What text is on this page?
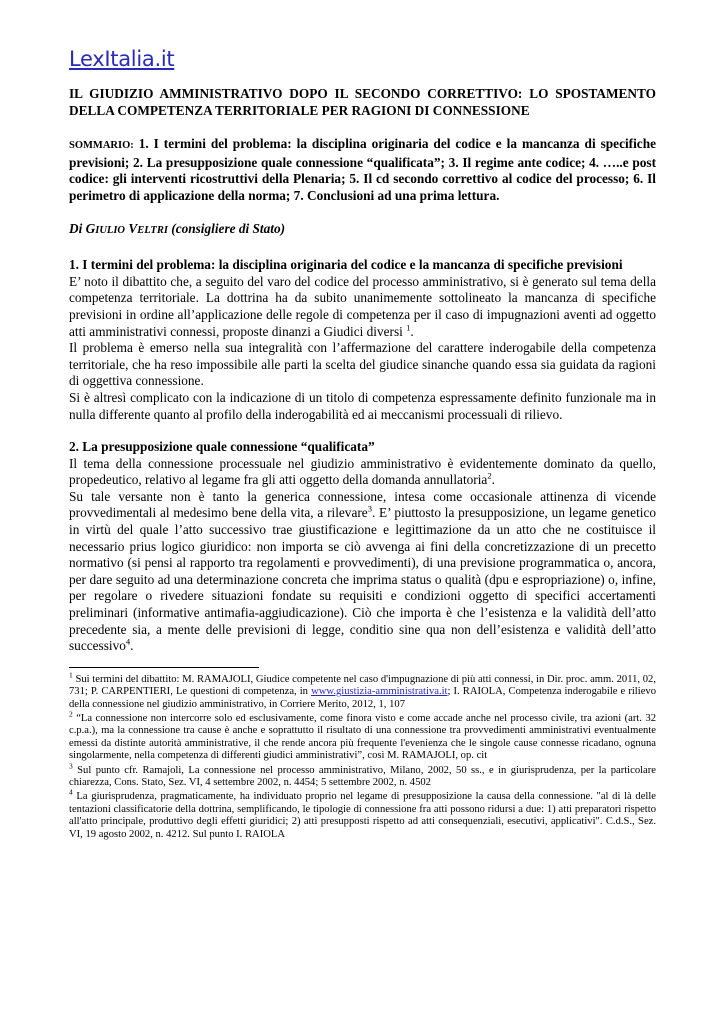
LexItalia.it
IL GIUDIZIO AMMINISTRATIVO DOPO IL SECONDO CORRETTIVO: LO SPOSTAMENTO DELLA COMPETENZA TERRITORIALE PER RAGIONI DI CONNESSIONE
SOMMARIO: 1. I termini del problema: la disciplina originaria del codice e la mancanza di specifiche previsioni; 2. La presupposizione quale connessione “qualificata”; 3. Il regime ante codice; 4. …..e post codice: gli interventi ricostruttivi della Plenaria; 5. Il cd secondo correttivo al codice del processo; 6. Il perimetro di applicazione della norma; 7. Conclusioni ad una prima lettura.
Di GIULIO VELTRI (consigliere di Stato)
1. I termini del problema: la disciplina originaria del codice e la mancanza di specifiche previsioni
E’ noto il dibattito che, a seguito del varo del codice del processo amministrativo, si è generato sul tema della competenza territoriale. La dottrina ha da subito unanimemente sottolineato la mancanza di specifiche previsioni in ordine all’applicazione delle regole di competenza per il caso di impugnazioni aventi ad oggetto atti amministrativi connessi, proposte dinanzi a Giudici diversi $^1$.
Il problema è emerso nella sua integralità con l’affermazione del carattere inderogabile della competenza territoriale, che ha reso impossibile alle parti la scelta del giudice sinanche quando essa sia guidata da ragioni di oggettiva connessione.
Si è altresì complicato con la indicazione di un titolo di competenza espressamente definito funzionale ma in nulla differente quanto al profilo della inderogabilità ed ai meccanismi processuali di rilievo.
2. La presupposizione quale connessione “qualificata”
Il tema della connessione processuale nel giudizio amministrativo è evidentemente dominato da quello, propedeutico, relativo al legame fra gli atti oggetto della domanda annullatoria$^2$.
Su tale versante non è tanto la generica connessione, intesa come occasionale attinenza di vicende provvedimentali al medesimo bene della vita, a rilevare$^3$. E’ piuttosto la presupposizione, un legame genetico in virtù del quale l’atto successivo trae giustificazione e legittimazione da un atto che ne costituisce il necessario prius logico giuridico: non importa se ciò avvenga ai fini della concretizzazione di un precetto normativo (si pensi al rapporto tra regolamenti e provvedimenti), di una previsione programmatica o, ancora, per dare seguito ad una determinazione concreta che imprima status o qualità (dpu e espropriazione) o, infine, per regolare o rivedere situazioni fondate su requisiti e condizioni oggetto di specifici accertamenti preliminari (informative antimafia-aggiudicazione). Ciò che importa è che l’esistenza e la validità dell’atto precedente sia, a mente delle previsioni di legge, conditio sine qua non dell’esistenza e validità dell’atto successivo$^4$.
$^1$ Sui termini del dibattito: M. RAMAJOLI, Giudice competente nel caso d'impugnazione di più atti connessi, in Dir. proc. amm. 2011, 02, 731; P. CARPENTIERI, Le questioni di competenza, in www.giustizia-amministrativa.it; I. RAIOLA, Competenza inderogabile e rilievo della connessione nel giudizio amministrativo, in Corriere Merito, 2012, 1, 107
$^2$ “La connessione non intercorre solo ed esclusivamente, come finora visto e come accade anche nel processo civile, tra azioni (art. 32 c.p.a.), ma la connessione tra cause è anche e soprattutto il risultato di una connessione tra provvedimenti amministrativi eventualmente emessi da distinte autorità amministrative, il che rende ancora più frequente l'evenienza che le singole cause connesse ricadano, ognuna singolarmente, nella competenza di differenti giudici amministrativi”, così M. RAMAJOLI, op. cit
$^3$ Sul punto cfr. Ramajoli, La connessione nel processo amministrativo, Milano, 2002, 50 ss., e in giurisprudenza, per la particolare chiarezza, Cons. Stato, Sez. VI, 4 settembre 2002, n. 4454; 5 settembre 2002, n. 4502
$^4$ La giurisprudenza, pragmaticamente, ha individuato proprio nel legame di presupposizione la causa della connessione. "al di là delle tentazioni classificatorie della dottrina, semplificando, le tipologie di connessione fra atti possono ridursi a due: 1) atti preparatori rispetto all'atto principale, produttivo degli effetti giuridici; 2) atti presupposti rispetto ad atti consequenziali, esecutivi, applicativi". C.d.S., Sez. VI, 19 agosto 2002, n. 4212. Sul punto I. RAIOLA
